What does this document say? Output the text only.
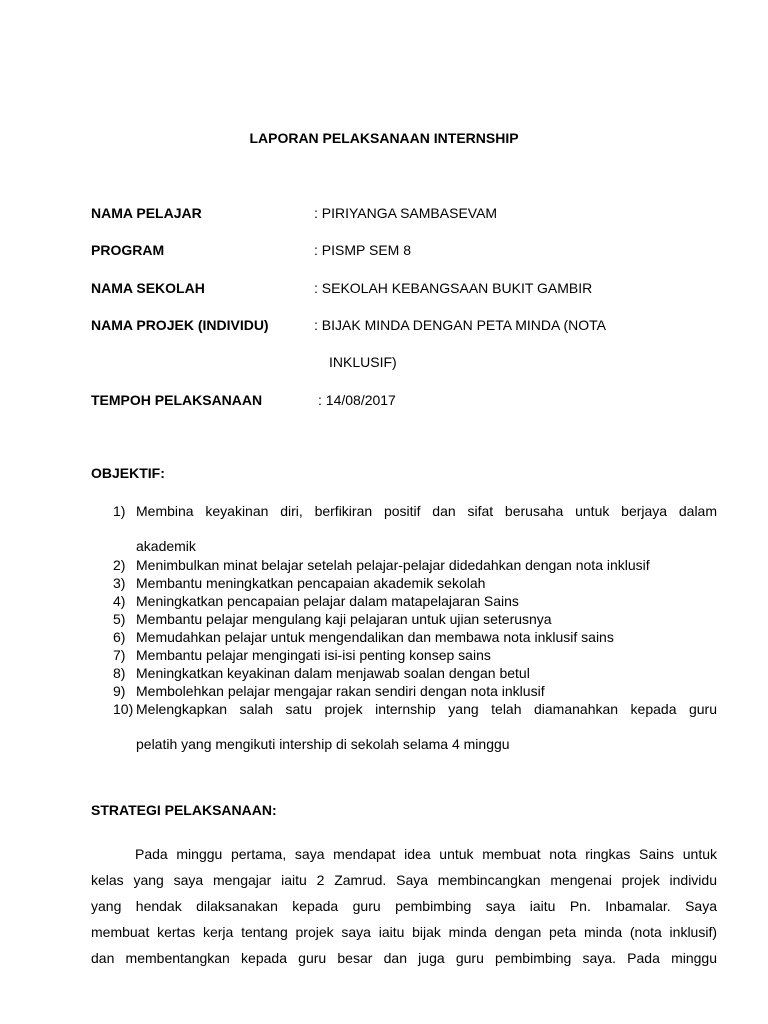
LAPORAN PELAKSANAAN INTERNSHIP
NAMA PELAJAR	: PIRIYANGA SAMBASEVAM
PROGRAM	: PISMP SEM 8
NAMA SEKOLAH	: SEKOLAH KEBANGSAAN BUKIT GAMBIR
NAMA PROJEK (INDIVIDU)	: BIJAK MINDA DENGAN PETA MINDA (NOTA
INKLUSIF)
TEMPOH PELAKSANAAN	: 14/08/2017
OBJEKTIF:
1) Membina keyakinan diri, berfikiran positif dan sifat berusaha untuk berjaya dalam
akademik
2) Menimbulkan minat belajar setelah pelajar-pelajar didedahkan dengan nota inklusif
3) Membantu meningkatkan pencapaian akademik sekolah
4) Meningkatkan pencapaian pelajar dalam matapelajaran Sains
5) Membantu pelajar mengulang kaji pelajaran untuk ujian seterusnya
6) Memudahkan pelajar untuk mengendalikan dan membawa nota inklusif sains
7) Membantu pelajar mengingati isi-isi penting konsep sains
8) Meningkatkan keyakinan dalam menjawab soalan dengan betul
9) Membolehkan pelajar mengajar rakan sendiri dengan nota inklusif
10) Melengkapkan salah satu projek internship yang telah diamanahkan kepada guru
pelatih yang mengikuti intership di sekolah selama 4 minggu
STRATEGI PELAKSANAAN:
Pada minggu pertama, saya mendapat idea untuk membuat nota ringkas Sains untuk
kelas yang saya mengajar iaitu 2 Zamrud. Saya membincangkan mengenai projek individu
yang hendak dilaksanakan kepada guru pembimbing saya iaitu Pn. Inbamalar. Saya
membuat kertas kerja tentang projek saya iaitu bijak minda dengan peta minda (nota inklusif)
dan membentangkan kepada guru besar dan juga guru pembimbing saya. Pada minggu
